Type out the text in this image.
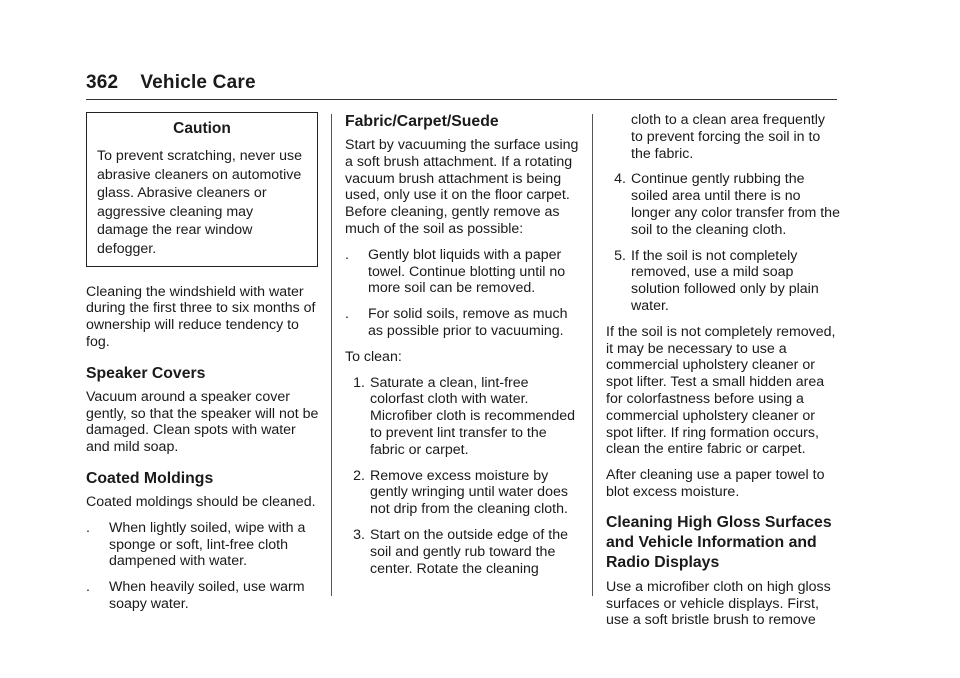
362 Vehicle Care
Caution
To prevent scratching, never use abrasive cleaners on automotive glass. Abrasive cleaners or aggressive cleaning may damage the rear window defogger.

Cleaning the windshield with water during the first three to six months of ownership will reduce tendency to fog.

Speaker Covers

Vacuum around a speaker cover gently, so that the speaker will not be damaged. Clean spots with water and mild soap.

Coated Moldings

Coated moldings should be cleaned.

.	When lightly soiled, wipe with a sponge or soft, lint-free cloth dampened with water.
.	When heavily soiled, use warm soapy water.
Fabric/Carpet/Suede

Start by vacuuming the surface using a soft brush attachment. If a rotating vacuum brush attachment is being used, only use it on the floor carpet. Before cleaning, gently remove as much of the soil as possible:

.	Gently blot liquids with a paper towel. Continue blotting until no more soil can be removed.
.	For solid soils, remove as much as possible prior to vacuuming.

To clean:

1. Saturate a clean, lint-free colorfast cloth with water. Microfiber cloth is recommended to prevent lint transfer to the fabric or carpet.
2. Remove excess moisture by gently wringing until water does not drip from the cleaning cloth.
3. Start on the outside edge of the soil and gently rub toward the center. Rotate the cleaning
cloth to a clean area frequently to prevent forcing the soil in to the fabric.
4. Continue gently rubbing the soiled area until there is no longer any color transfer from the soil to the cleaning cloth.
5. If the soil is not completely removed, use a mild soap solution followed only by plain water.

If the soil is not completely removed, it may be necessary to use a commercial upholstery cleaner or spot lifter. Test a small hidden area for colorfastness before using a commercial upholstery cleaner or spot lifter. If ring formation occurs, clean the entire fabric or carpet.

After cleaning use a paper towel to blot excess moisture.

Cleaning High Gloss Surfaces and Vehicle Information and Radio Displays

Use a microfiber cloth on high gloss surfaces or vehicle displays. First, use a soft bristle brush to remove
